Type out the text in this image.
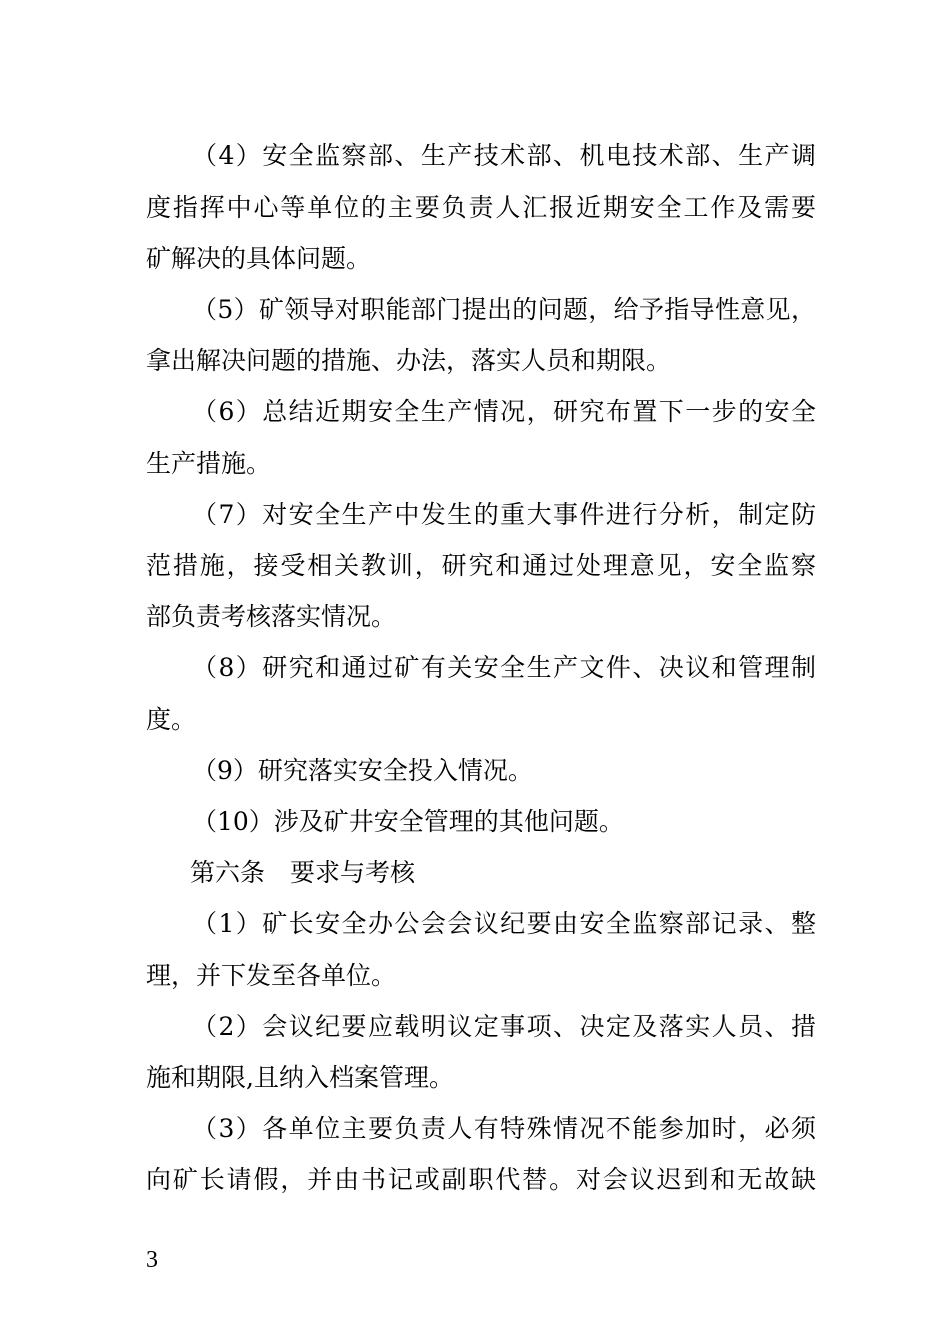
（4）安全监察部、生产技术部、机电技术部、生产调
度指挥中心等单位的主要负责人汇报近期安全工作及需要
矿解决的具体问题。
（5）矿领导对职能部门提出的问题，给予指导性意见，
拿出解决问题的措施、办法，落实人员和期限。
（6）总结近期安全生产情况，研究布置下一步的安全
生产措施。
（7）对安全生产中发生的重大事件进行分析，制定防
范措施，接受相关教训，研究和通过处理意见，安全监察
部负责考核落实情况。
（8）研究和通过矿有关安全生产文件、决议和管理制
度。
（9）研究落实安全投入情况。
（10）涉及矿井安全管理的其他问题。
第六条　要求与考核
（1）矿长安全办公会会议纪要由安全监察部记录、整
理，并下发至各单位。
（2）会议纪要应载明议定事项、决定及落实人员、措
施和期限,且纳入档案管理。
（3）各单位主要负责人有特殊情况不能参加时，必须
向矿长请假，并由书记或副职代替。对会议迟到和无故缺
3
